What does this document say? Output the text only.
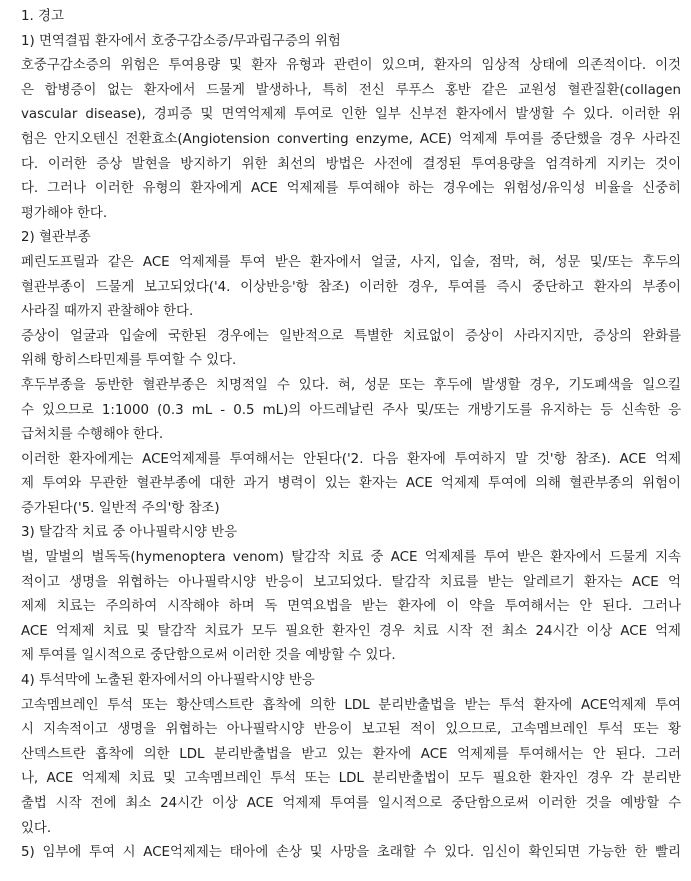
1. 경고
1) 면역결핍 환자에서 호중구감소증/무과립구증의 위험
호중구감소증의 위험은 투여용량 및 환자 유형과 관련이 있으며, 환자의 임상적 상태에 의존적이다. 이것
은 합병증이 없는 환자에서 드물게 발생하나, 특히 전신 루푸스 홍반 같은 교원성 혈관질환(collagen
vascular disease), 경피증 및 면역억제제 투여로 인한 일부 신부전 환자에서 발생할 수 있다. 이러한 위
험은 안지오텐신 전환효소(Angiotension converting enzyme, ACE) 억제제 투여를 중단했을 경우 사라진
다. 이러한 증상 발현을 방지하기 위한 최선의 방법은 사전에 결정된 투여용량을 엄격하게 지키는 것이
다. 그러나 이러한 유형의 환자에게 ACE 억제제를 투여해야 하는 경우에는 위험성/유익성 비율을 신중히
평가해야 한다.
2) 혈관부종
페린도프릴과 같은 ACE 억제제를 투여 받은 환자에서 얼굴, 사지, 입술, 점막, 혀, 성문 및/또는 후두의
혈관부종이 드물게 보고되었다('4. 이상반응'항 참조) 이러한 경우, 투여를 즉시 중단하고 환자의 부종이
사라질 때까지 관찰해야 한다.
증상이 얼굴과 입술에 국한된 경우에는 일반적으로 특별한 치료없이 증상이 사라지지만, 증상의 완화를
위해 항히스타민제를 투여할 수 있다.
후두부종을 동반한 혈관부종은 치명적일 수 있다. 혀, 성문 또는 후두에 발생할 경우, 기도폐색을 일으킬
수 있으므로 1:1000 (0.3 mL - 0.5 mL)의 아드레날린 주사 및/또는 개방기도를 유지하는 등 신속한 응
급처치를 수행해야 한다.
이러한 환자에게는 ACE억제제를 투여해서는 안된다('2. 다음 환자에 투여하지 말 것'항 참조). ACE 억제
제 투여와 무관한 혈관부종에 대한 과거 병력이 있는 환자는 ACE 억제제 투여에 의해 혈관부종의 위험이
증가된다('5. 일반적 주의'항 참조)
3) 탈감작 치료 중 아나필락시양 반응
벌, 말벌의 벌독독(hymenoptera venom) 탈감작 치료 중 ACE 억제제를 투여 받은 환자에서 드물게 지속
적이고 생명을 위협하는 아나필락시양 반응이 보고되었다. 탈감작 치료를 받는 알레르기 환자는 ACE 억
제제 치료는 주의하여 시작해야 하며 독 면역요법을 받는 환자에 이 약을 투여해서는 안 된다. 그러나
ACE 억제제 치료 및 탈감작 치료가 모두 필요한 환자인 경우 치료 시작 전 최소 24시간 이상 ACE 억제
제 투여를 일시적으로 중단함으로써 이러한 것을 예방할 수 있다.
4) 투석막에 노출된 환자에서의 아나필락시양 반응
고속멤브레인 투석 또는 황산덱스트란 흡착에 의한 LDL 분리반출법을 받는 투석 환자에 ACE억제제 투여
시 지속적이고 생명을 위협하는 아나필락시양 반응이 보고된 적이 있으므로, 고속멤브레인 투석 또는 황
산덱스트란 흡착에 의한 LDL 분리반출법을 받고 있는 환자에 ACE 억제제를 투여해서는 안 된다. 그러
나, ACE 억제제 치료 및 고속멤브레인 투석 또는 LDL 분리반출법이 모두 필요한 환자인 경우 각 분리반
출법 시작 전에 최소 24시간 이상 ACE 억제제 투여를 일시적으로 중단함으로써 이러한 것을 예방할 수
있다.
5) 임부에 투여 시 ACE억제제는 태아에 손상 및 사망을 초래할 수 있다. 임신이 확인되면 가능한 한 빨리
